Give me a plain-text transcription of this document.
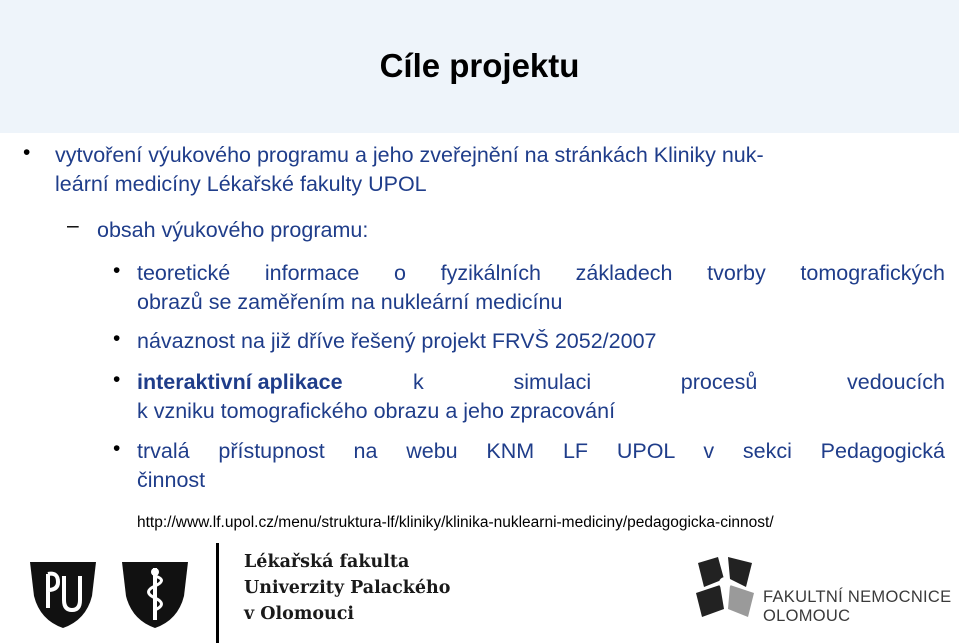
Cíle projektu
• vytvoření výukového programu a jeho zveřejnění na stránkách Kliniky nuk-
leární medicíny Lékařské fakulty UPOL
– obsah výukového programu:
• teoretické informace o fyzikálních základech tvorby tomografických
obrazů se zaměřením na nukleární medicínu
• návaznost na již dříve řešený projekt FRVŠ 2052/2007
• interaktivní aplikace	k simulaci procesů vedoucích
k vzniku tomografického obrazu a jeho zpracování
• trvalá přístupnost na webu KNM LF UPOL v sekci Pedagogická
činnost
http://www.lf.upol.cz/menu/struktura-lf/kliniky/klinika-nuklearni-mediciny/pedagogicka-cinnost/
Lékařská fakulta
Univerzity Palackého
v Olomouci
FAKULTNÍ NEMOCNICE
OLOMOUC
